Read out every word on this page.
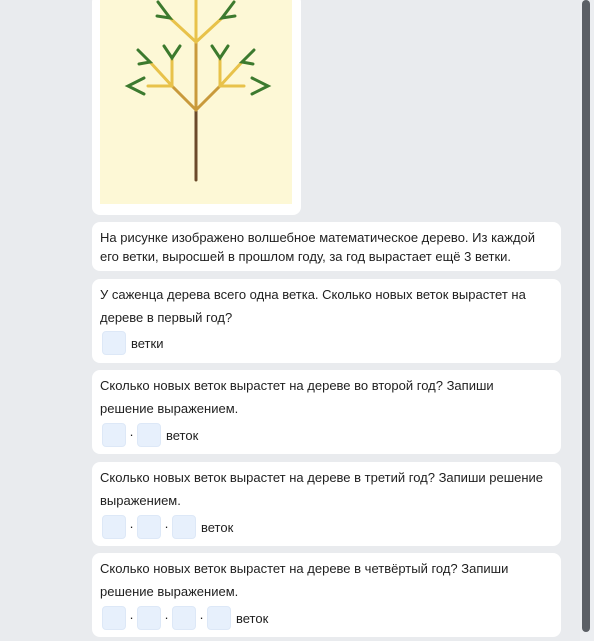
На рисунке изображено волшебное математическое дерево. Из каждой его ветки, выросшей в прошлом году, за год вырастает ещё 3 ветки.
У саженца дерева всего одна ветка. Сколько новых веток вырастет на дереве в первый год?
ветки
Сколько новых веток вырастет на дереве во второй год? Запиши решение выражением.
· веток
Сколько новых веток вырастет на дереве в третий год? Запиши решение выражением.
· · веток
Сколько новых веток вырастет на дереве в четвёртый год? Запиши решение выражением.
· · · веток
